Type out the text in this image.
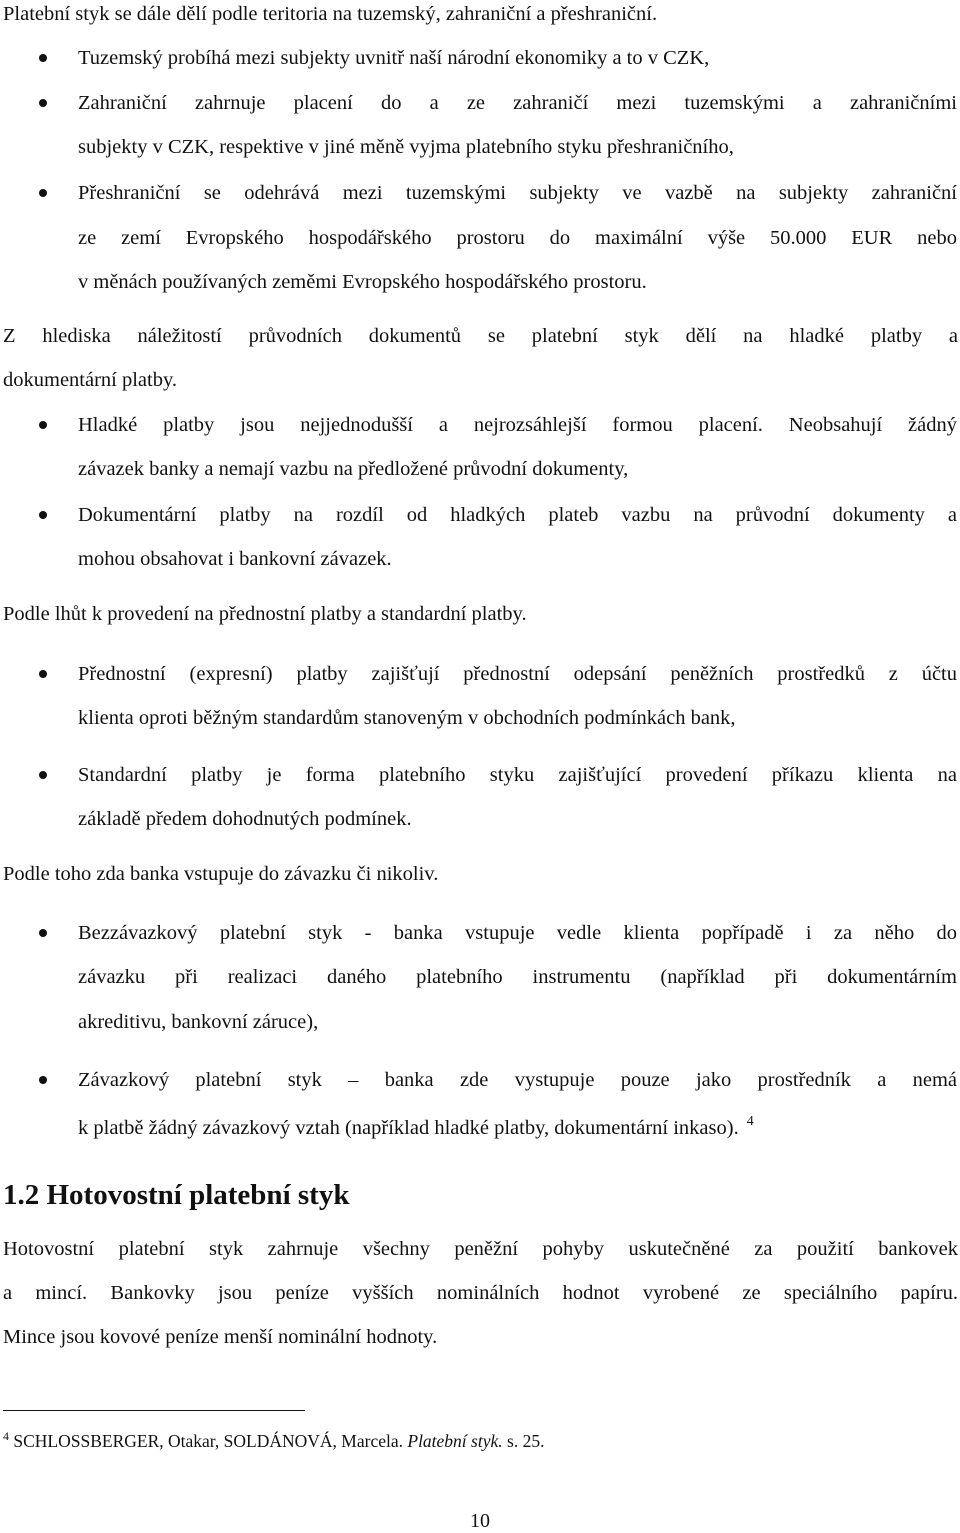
Platební styk se dále dělí podle teritoria na tuzemský, zahraniční a přeshraniční.

Tuzemský probíhá mezi subjekty uvnitř naší národní ekonomiky a to v CZK,

Zahraniční zahrnuje placení do a ze zahraničí mezi tuzemskými a zahraničními

subjekty v CZK, respektive v jiné měně vyjma platebního styku přeshraničního,

Přeshraniční se odehrává mezi tuzemskými subjekty ve vazbě na subjekty zahraniční

ze zemí Evropského hospodářského prostoru do maximální výše 50.000 EUR nebo

v měnách používaných zeměmi Evropského hospodářského prostoru.

Z hlediska náležitostí průvodních dokumentů se platební styk dělí na hladké platby a

dokumentární platby.

Hladké platby jsou nejjednodušší a nejrozsáhlejší formou placení. Neobsahují žádný

závazek banky a nemají vazbu na předložené průvodní dokumenty,

Dokumentární platby na rozdíl od hladkých plateb vazbu na průvodní dokumenty a

mohou obsahovat i bankovní závazek.

Podle lhůt k provedení na přednostní platby a standardní platby.

Přednostní (expresní) platby zajišťují přednostní odepsání peněžních prostředků z účtu

klienta oproti běžným standardům stanoveným v obchodních podmínkách bank,

Standardní platby je forma platebního styku zajišťující provedení příkazu klienta na

základě předem dohodnutých podmínek.

Podle toho zda banka vstupuje do závazku či nikoliv.

Bezzávazkový platební styk - banka vstupuje vedle klienta popřípadě i za něho do

závazku při realizaci daného platebního instrumentu (například při dokumentárním

akreditivu, bankovní záruce),

Závazkový platební styk – banka zde vystupuje pouze jako prostředník a nemá

k platbě žádný závazkový vztah (například hladké platby, dokumentární inkaso). $^4$

1.2 Hotovostní platební styk

Hotovostní platební styk zahrnuje všechny peněžní pohyby uskutečněné za použití bankovek

a mincí. Bankovky jsou peníze vyšších nominálních hodnot vyrobené ze speciálního papíru.

Mince jsou kovové peníze menší nominální hodnoty.

$^4$ SCHLOSSBERGER, Otakar, SOLDÁNOVÁ, Marcela. Platební styk. s. 25.
10
